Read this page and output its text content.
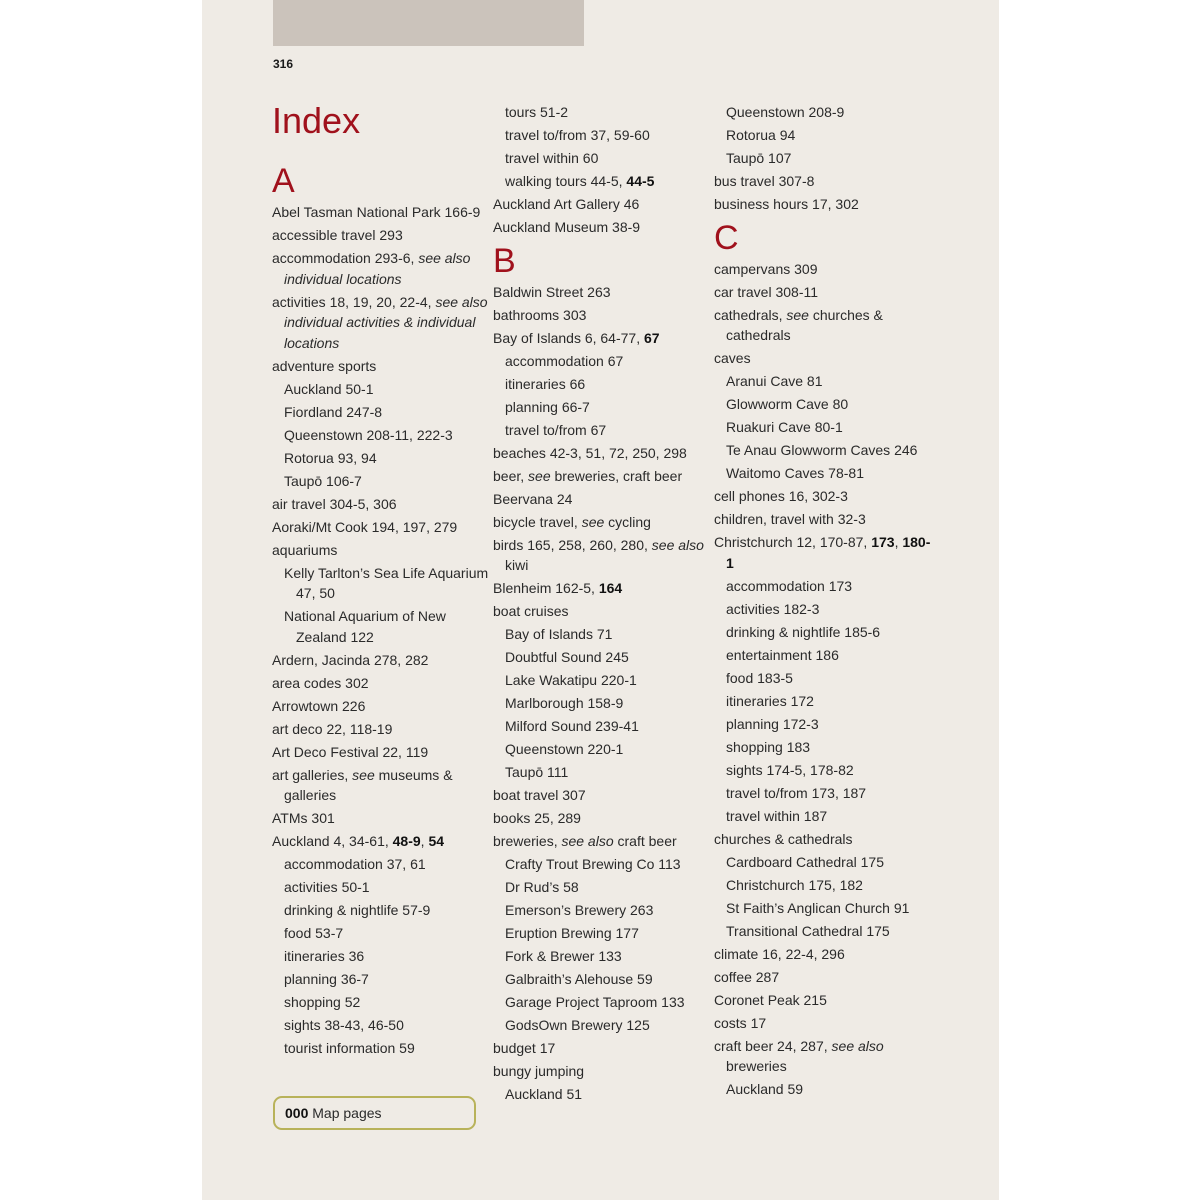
316
Index
A
Abel Tasman National Park 166-9
accessible travel 293
accommodation 293-6, see also individual locations
activities 18, 19, 20, 22-4, see also individual activities & individual locations
adventure sports
Auckland 50-1
Fiordland 247-8
Queenstown 208-11, 222-3
Rotorua 93, 94
Taupō 106-7
air travel 304-5, 306
Aoraki/Mt Cook 194, 197, 279
aquariums
Kelly Tarlton’s Sea Life Aquarium 47, 50
National Aquarium of New Zealand 122
Ardern, Jacinda 278, 282
area codes 302
Arrowtown 226
art deco 22, 118-19
Art Deco Festival 22, 119
art galleries, see museums & galleries
ATMs 301
Auckland 4, 34-61, 48-9, 54
accommodation 37, 61
activities 50-1
drinking & nightlife 57-9
food 53-7
itineraries 36
planning 36-7
shopping 52
sights 38-43, 46-50
tourist information 59
tours 51-2
travel to/from 37, 59-60
travel within 60
walking tours 44-5, 44-5
Auckland Art Gallery 46
Auckland Museum 38-9
B
Baldwin Street 263
bathrooms 303
Bay of Islands 6, 64-77, 67
accommodation 67
itineraries 66
planning 66-7
travel to/from 67
beaches 42-3, 51, 72, 250, 298
beer, see breweries, craft beer
Beervana 24
bicycle travel, see cycling
birds 165, 258, 260, 280, see also kiwi
Blenheim 162-5, 164
boat cruises
Bay of Islands 71
Doubtful Sound 245
Lake Wakatipu 220-1
Marlborough 158-9
Milford Sound 239-41
Queenstown 220-1
Taupō 111
boat travel 307
books 25, 289
breweries, see also craft beer
Crafty Trout Brewing Co 113
Dr Rud’s 58
Emerson’s Brewery 263
Eruption Brewing 177
Fork & Brewer 133
Galbraith’s Alehouse 59
Garage Project Taproom 133
GodsOwn Brewery 125
budget 17
bungy jumping
Auckland 51
Queenstown 208-9
Rotorua 94
Taupō 107
bus travel 307-8
business hours 17, 302
C
campervans 309
car travel 308-11
cathedrals, see churches & cathedrals
caves
Aranui Cave 81
Glowworm Cave 80
Ruakuri Cave 80-1
Te Anau Glowworm Caves 246
Waitomo Caves 78-81
cell phones 16, 302-3
children, travel with 32-3
Christchurch 12, 170-87, 173, 180-1
accommodation 173
activities 182-3
drinking & nightlife 185-6
entertainment 186
food 183-5
itineraries 172
planning 172-3
shopping 183
sights 174-5, 178-82
travel to/from 173, 187
travel within 187
churches & cathedrals
Cardboard Cathedral 175
Christchurch 175, 182
St Faith’s Anglican Church 91
Transitional Cathedral 175
climate 16, 22-4, 296
coffee 287
Coronet Peak 215
costs 17
craft beer 24, 287, see also breweries
Auckland 59
000 Map pages
